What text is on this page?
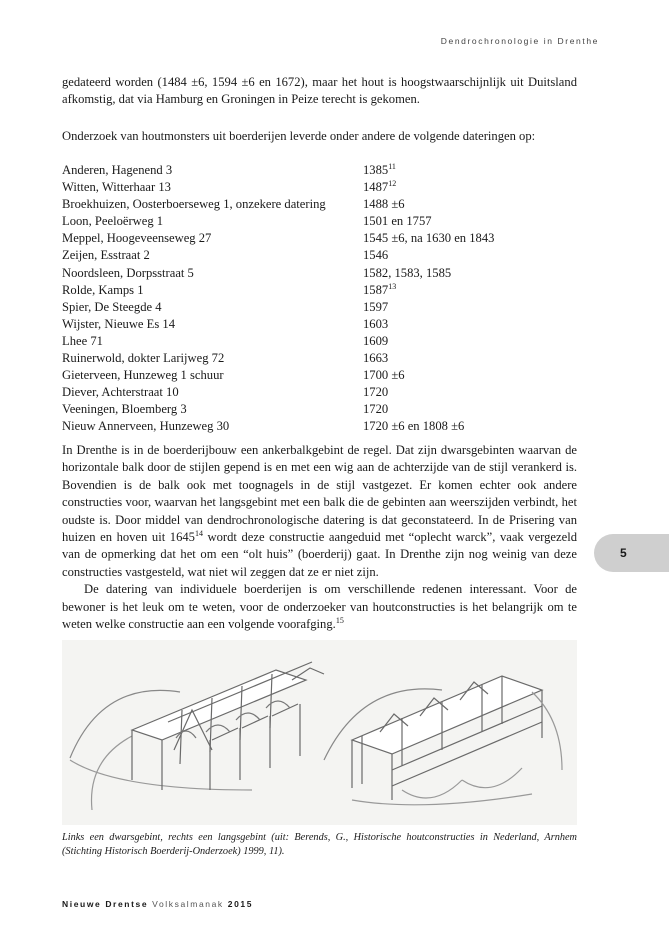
Dendrochronologie in Drenthe

gedateerd worden (1484 ±6, 1594 ±6 en 1672), maar het hout is hoogstwaarschijnlijk uit Duitsland afkomstig, dat via Hamburg en Groningen in Peize terecht is gekomen.

Onderzoek van houtmonsters uit boerderijen leverde onder andere de volgende dateringen op:

Anderen, Hagenend 3	1385$^{11}$
Witten, Witterhaar 13	1487$^{12}$
Broekhuizen, Oosterboerseweg 1, onzekere datering	1488 ±6
Loon, Peeloërweg 1	1501 en 1757
Meppel, Hoogeveenseweg 27	1545 ±6, na 1630 en 1843
Zeijen, Esstraat 2	1546
Noordsleen, Dorpsstraat 5	1582, 1583, 1585
Rolde, Kamps 1	1587$^{13}$
Spier, De Steegde 4	1597
Wijster, Nieuwe Es 14	1603
Lhee 71	1609
Ruinerwold, dokter Larijweg 72	1663
Gieterveen, Hunzeweg 1 schuur	1700 ±6
Diever, Achterstraat 10	1720
Veeningen, Bloemberg 3	1720
Nieuw Annerveen, Hunzeweg 30	1720 ±6 en 1808 ±6

In Drenthe is in de boerderijbouw een ankerbalkgebint de regel. Dat zijn dwarsgebinten waarvan de horizontale balk door de stijlen gepend is en met een wig aan de achterzijde van de stijl verankerd is. Bovendien is de balk ook met toognagels in de stijl vastgezet. Er komen echter ook andere constructies voor, waarvan het langsgebint met een balk die de gebinten aan weerszijden verbindt, het oudste is. Door middel van dendrochronologische datering is dat geconstateerd. In de Prisering van huizen en hoven uit 1645$^{14}$ wordt deze constructie aangeduid met “oplecht warck”, vaak vergezeld van de opmerking dat het om een “olt huis” (boerderij) gaat. In Drenthe zijn nog weinig van deze constructies vastgesteld, wat niet wil zeggen dat ze er niet zijn.

De datering van individuele boerderijen is om verschillende redenen interessant. Voor de bewoner is het leuk om te weten, voor de onderzoeker van houtconstructies is het belangrijk om te weten welke constructie aan een volgende voorafging.$^{15}$

5
Links een dwarsgebint, rechts een langsgebint (uit: Berends, G., Historische houtconstructies in Nederland, Arnhem (Stichting Historisch Boerderij-Onderzoek) 1999, 11).
Nieuwe Drentse Volksalmanak 2015
